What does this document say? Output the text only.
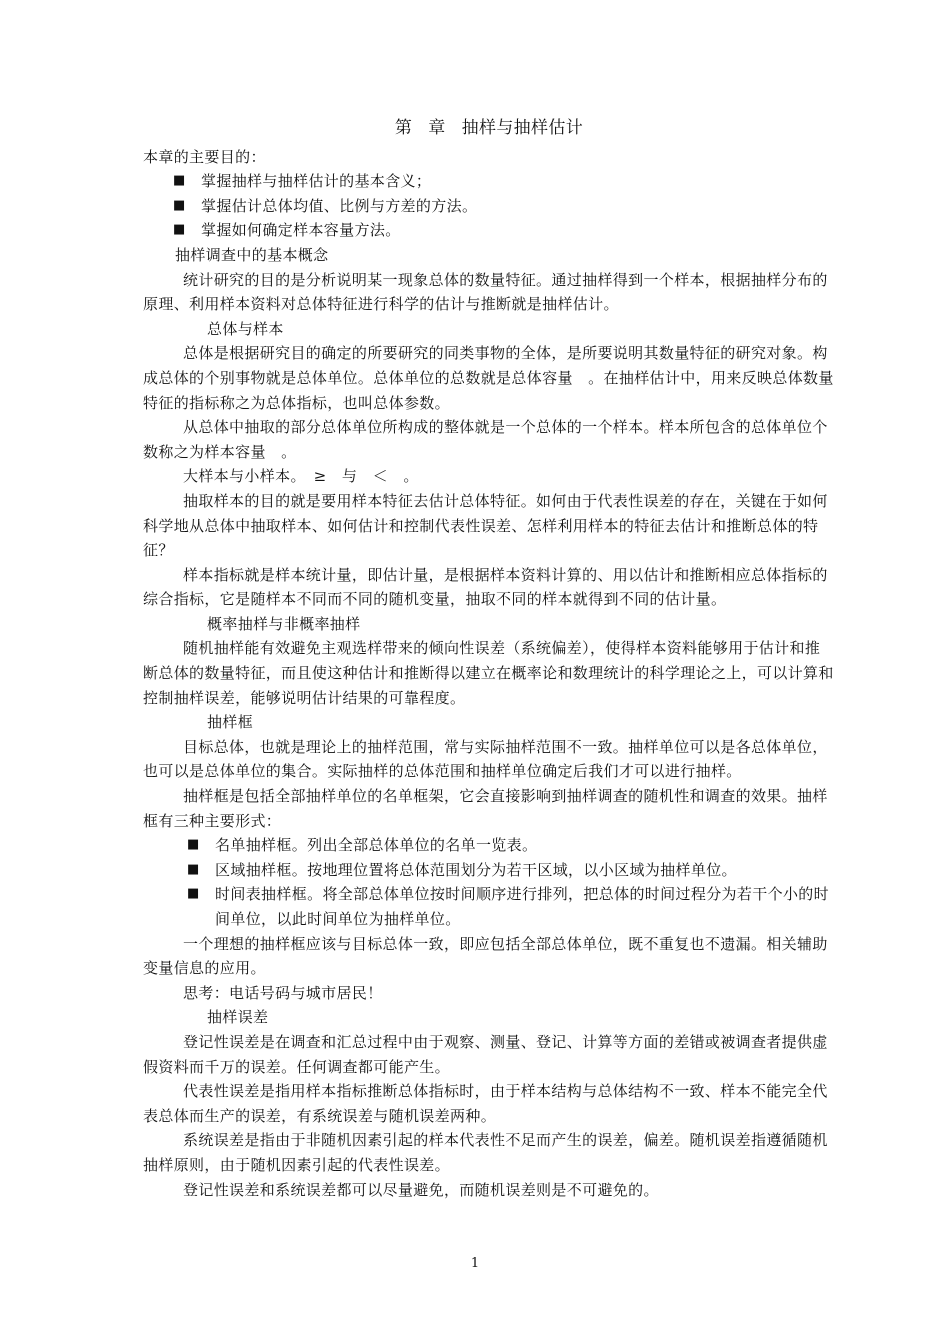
第 章 抽样与抽样估计

本章的主要目的：

■	掌握抽样与抽样估计的基本含义；
■	掌握估计总体均值、比例与方差的方法。
■	掌握如何确定样本容量方法。

抽样调查中的基本概念

统计研究的目的是分析说明某一现象总体的数量特征。通过抽样得到一个样本，根据抽样分布的原理、利用样本资料对总体特征进行科学的估计与推断就是抽样估计。

总体与样本

总体是根据研究目的确定的所要研究的同类事物的全体，是所要说明其数量特征的研究对象。构成总体的个别事物就是总体单位。总体单位的总数就是总体容量　。在抽样估计中，用来反映总体数量特征的指标称之为总体指标，也叫总体参数。

从总体中抽取的部分总体单位所构成的整体就是一个总体的一个样本。样本所包含的总体单位个数称之为样本容量　。

大样本与小样本。　≥　与　＜　。

抽取样本的目的就是要用样本特征去估计总体特征。如何由于代表性误差的存在，关键在于如何科学地从总体中抽取样本、如何估计和控制代表性误差、怎样利用样本的特征去估计和推断总体的特征？

样本指标就是样本统计量，即估计量，是根据样本资料计算的、用以估计和推断相应总体指标的综合指标，它是随样本不同而不同的随机变量，抽取不同的样本就得到不同的估计量。

概率抽样与非概率抽样

随机抽样能有效避免主观选样带来的倾向性误差（系统偏差），使得样本资料能够用于估计和推断总体的数量特征，而且使这种估计和推断得以建立在概率论和数理统计的科学理论之上，可以计算和控制抽样误差，能够说明估计结果的可靠程度。

抽样框

目标总体，也就是理论上的抽样范围，常与实际抽样范围不一致。抽样单位可以是各总体单位，也可以是总体单位的集合。实际抽样的总体范围和抽样单位确定后我们才可以进行抽样。

抽样框是包括全部抽样单位的名单框架，它会直接影响到抽样调查的随机性和调查的效果。抽样框有三种主要形式：

■	名单抽样框。列出全部总体单位的名单一览表。
■	区域抽样框。按地理位置将总体范围划分为若干区域，以小区域为抽样单位。
■	时间表抽样框。将全部总体单位按时间顺序进行排列，把总体的时间过程分为若干个小的时间单位，以此时间单位为抽样单位。

一个理想的抽样框应该与目标总体一致，即应包括全部总体单位，既不重复也不遗漏。相关辅助变量信息的应用。

思考：电话号码与城市居民！

抽样误差

登记性误差是在调查和汇总过程中由于观察、测量、登记、计算等方面的差错或被调查者提供虚假资料而千万的误差。任何调查都可能产生。

代表性误差是指用样本指标推断总体指标时，由于样本结构与总体结构不一致、样本不能完全代表总体而生产的误差，有系统误差与随机误差两种。

系统误差是指由于非随机因素引起的样本代表性不足而产生的误差，偏差。随机误差指遵循随机抽样原则，由于随机因素引起的代表性误差。

登记性误差和系统误差都可以尽量避免，而随机误差则是不可避免的。

1
